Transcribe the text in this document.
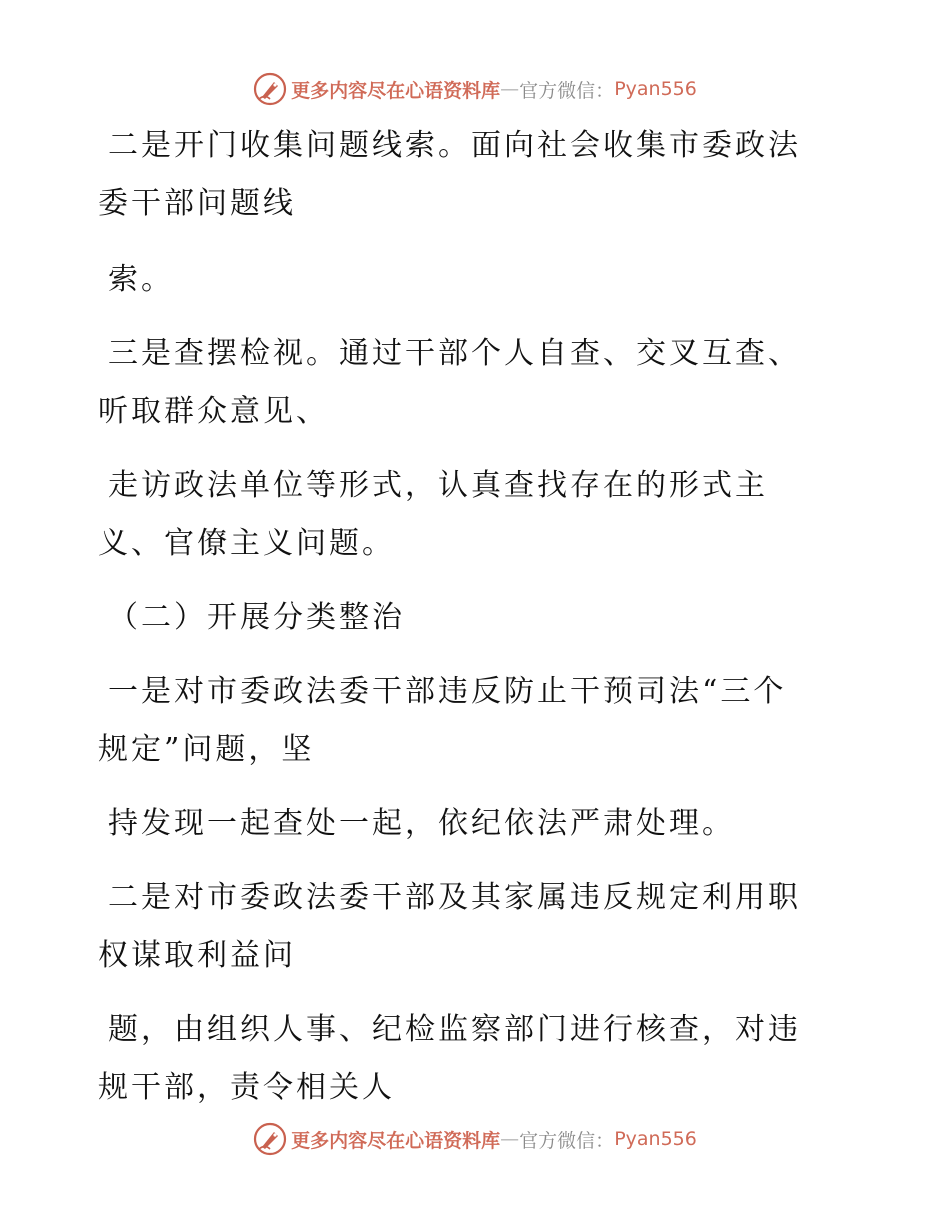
更多内容尽在心语资料库 — 官方微信： Pyan556
二是开门收集问题线索。面向社会收集市委政法
委干部问题线
索。
三是查摆检视。通过干部个人自查、交叉互查、
听取群众意见、
走访政法单位等形式，认真查找存在的形式主
义、官僚主义问题。
（二）开展分类整治
一是对市委政法委干部违反防止干预司法“三个
规定”问题，坚
持发现一起查处一起，依纪依法严肃处理。
二是对市委政法委干部及其家属违反规定利用职
权谋取利益问
题，由组织人事、纪检监察部门进行核查，对违
规干部，责令相关人
更多内容尽在心语资料库 — 官方微信： Pyan556
